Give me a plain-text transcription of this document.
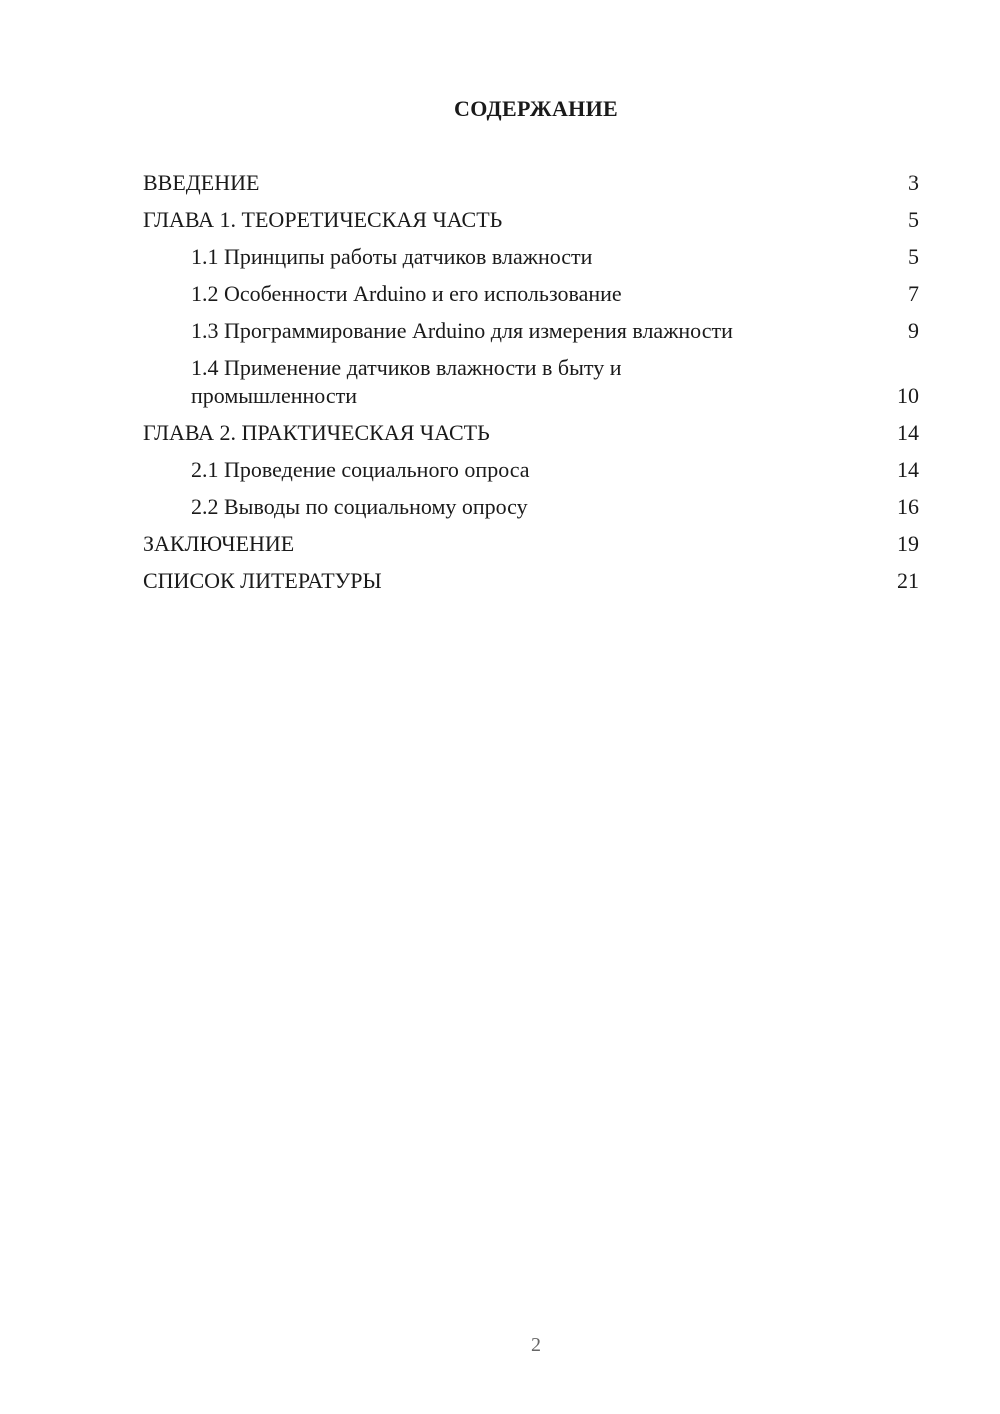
СОДЕРЖАНИЕ
ВВЕДЕНИЕ	3
ГЛАВА 1. ТЕОРЕТИЧЕСКАЯ ЧАСТЬ	5
1.1 Принципы работы датчиков влажности	5
1.2 Особенности Arduino и его использование	7
1.3 Программирование Arduino для измерения влажности	9
1.4 Применение датчиков влажности в быту и промышленности	10
ГЛАВА 2. ПРАКТИЧЕСКАЯ ЧАСТЬ	14
2.1 Проведение социального опроса	14
2.2 Выводы по социальному опросу	16
ЗАКЛЮЧЕНИЕ	19
СПИСОК ЛИТЕРАТУРЫ	21
2
